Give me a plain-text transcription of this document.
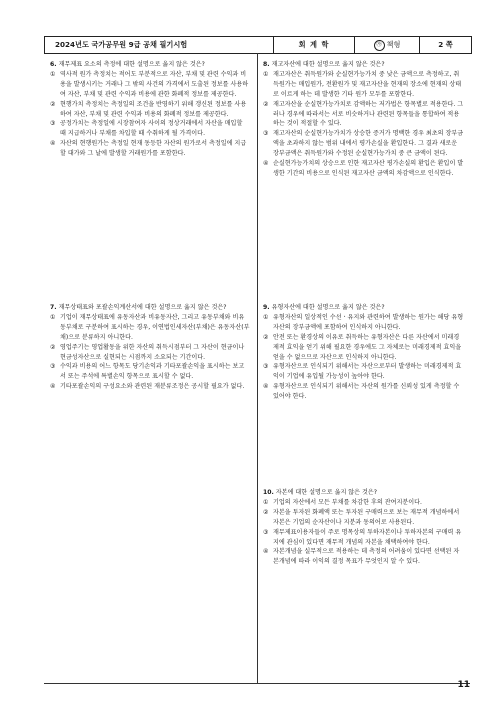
2024년도 국가공무원 9급 공채 필기시험	회 계 학	㉮ 책형	2 쪽
11
6. 재무제표 요소의 측정에 대한 설명으로 옳지 않은 것은?
① 역사적 원가 측정치는 적어도 부분적으로 자산, 부채 및 관련 수익과 비용을 발생시키는 거래나 그 밖의 사건의 가격에서 도출된 정보를 사용하여 자산, 부채 및 관련 수익과 비용에 관한 화폐적 정보를 제공한다.
② 현행가치 측정치는 측정일의 조건을 반영하기 위해 갱신된 정보를 사용하여 자산, 부채 및 관련 수익과 비용의 화폐적 정보를 제공한다.
③ 공정가치는 측정일에 시장참여자 사이의 정상거래에서 자산을 매입할 때 지급하거나 부채를 차입할 때 수취하게 될 가격이다.
④ 자산의 현행원가는 측정일 현재 동등한 자산의 원가로서 측정일에 지급할 대가와 그 날에 발생할 거래원가를 포함한다.
7. 재무상태표와 포괄손익계산서에 대한 설명으로 옳지 않은 것은?
① 기업이 재무상태표에 유동자산과 비유동자산, 그리고 유동부채와 비유동부채로 구분하여 표시하는 경우, 이연법인세자산(부채)은 유동자산(부채)으로 분류하지 아니한다.
② 영업주기는 영업활동을 위한 자산의 취득시점부터 그 자산이 현금이나 현금성자산으로 실현되는 시점까지 소요되는 기간이다.
③ 수익과 비용의 어느 항목도 당기손익과 기타포괄손익을 표시하는 보고서 또는 주석에 특별손익 항목으로 표시할 수 없다.
④ 기타포괄손익의 구성요소와 관련된 재분류조정은 공시할 필요가 없다.
8. 재고자산에 대한 설명으로 옳지 않은 것은?
① 재고자산은 취득원가와 순실현가능가치 중 낮은 금액으로 측정하고, 취득원가는 매입원가, 전환원가 및 재고자산을 현재의 장소에 현재의 상태로 이르게 하는 데 발생한 기타 원가 모두를 포함한다.
② 재고자산을 순실현가능가치로 감액하는 저가법은 항목별로 적용한다. 그러나 경우에 따라서는 서로 비슷하거나 관련된 항목들을 통합하여 적용하는 것이 적절할 수 있다.
③ 재고자산의 순실현가능가치가 상승한 증거가 명백한 경우 최초의 장부금액을 초과하지 않는 범위 내에서 평가손실을 환입한다. 그 결과 새로운 장부금액은 취득원가와 수정된 순실현가능가치 중 큰 금액이 된다.
④ 순실현가능가치의 상승으로 인한 재고자산 평가손실의 환입은 환입이 발생한 기간의 비용으로 인식된 재고자산 금액의 차감액으로 인식한다.
9. 유형자산에 대한 설명으로 옳지 않은 것은?
① 유형자산의 일상적인 수선ㆍ유지와 관련하여 발생하는 원가는 해당 유형자산의 장부금액에 포함하여 인식하지 아니한다.
② 안전 또는 환경상의 이유로 취득하는 유형자산은 다른 자산에서 미래경제적 효익을 얻기 위해 필요한 경우에도 그 자체로는 미래경제적 효익을 얻을 수 없으므로 자산으로 인식하지 아니한다.
③ 유형자산으로 인식되기 위해서는 자산으로부터 발생하는 미래경제적 효익이 기업에 유입될 가능성이 높아야 한다.
④ 유형자산으로 인식되기 위해서는 자산의 원가를 신뢰성 있게 측정할 수 있어야 한다.
10. 자본에 대한 설명으로 옳지 않은 것은?
① 기업의 자산에서 모든 부채를 차감한 후의 잔여지분이다.
② 자본을 투자된 화폐액 또는 투자된 구매력으로 보는 재무적 개념하에서 자본은 기업의 순자산이나 지분과 동의어로 사용된다.
③ 재무제표이용자들이 주로 명목상의 투하자본이나 투하자본의 구매력 유지에 관심이 있다면 재무적 개념의 자본을 채택하여야 한다.
④ 자본개념을 실무적으로 적용하는 데 측정의 어려움이 있다면 선택된 자본개념에 따라 이익의 결정 목표가 무엇인지 알 수 있다.
